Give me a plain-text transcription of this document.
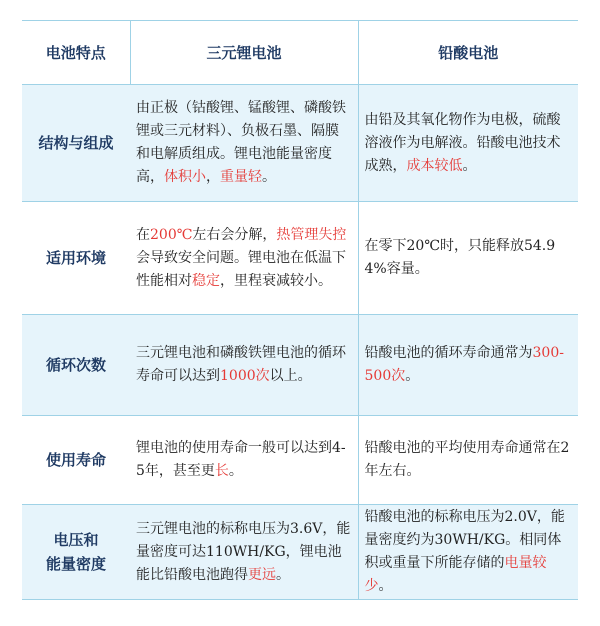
电池特点	三元锂电池	铅酸电池
结构与组成	由正极（钴酸锂、锰酸锂、磷酸铁锂或三元材料）、负极石墨、隔膜和电解质组成。锂电池能量密度高，体积小，重量轻。	由铅及其氧化物作为电极，硫酸溶液作为电解液。铅酸电池技术成熟，成本较低。
适用环境	在200℃左右会分解，热管理失控会导致安全问题。锂电池在低温下性能相对稳定，里程衰减较小。	在零下20℃时，只能释放54.94%容量。
循环次数	三元锂电池和磷酸铁锂电池的循环寿命可以达到1000次以上。	铅酸电池的循环寿命通常为300-500次。
使用寿命	锂电池的使用寿命一般可以达到4-5年，甚至更长。	铅酸电池的平均使用寿命通常在2年左右。
电压和
能量密度	三元锂电池的标称电压为3.6V，能量密度可达110WH/KG，锂电池能比铅酸电池跑得更远。	铅酸电池的标称电压为2.0V，能量密度约为30WH/KG。相同体积或重量下所能存储的电量较少。
